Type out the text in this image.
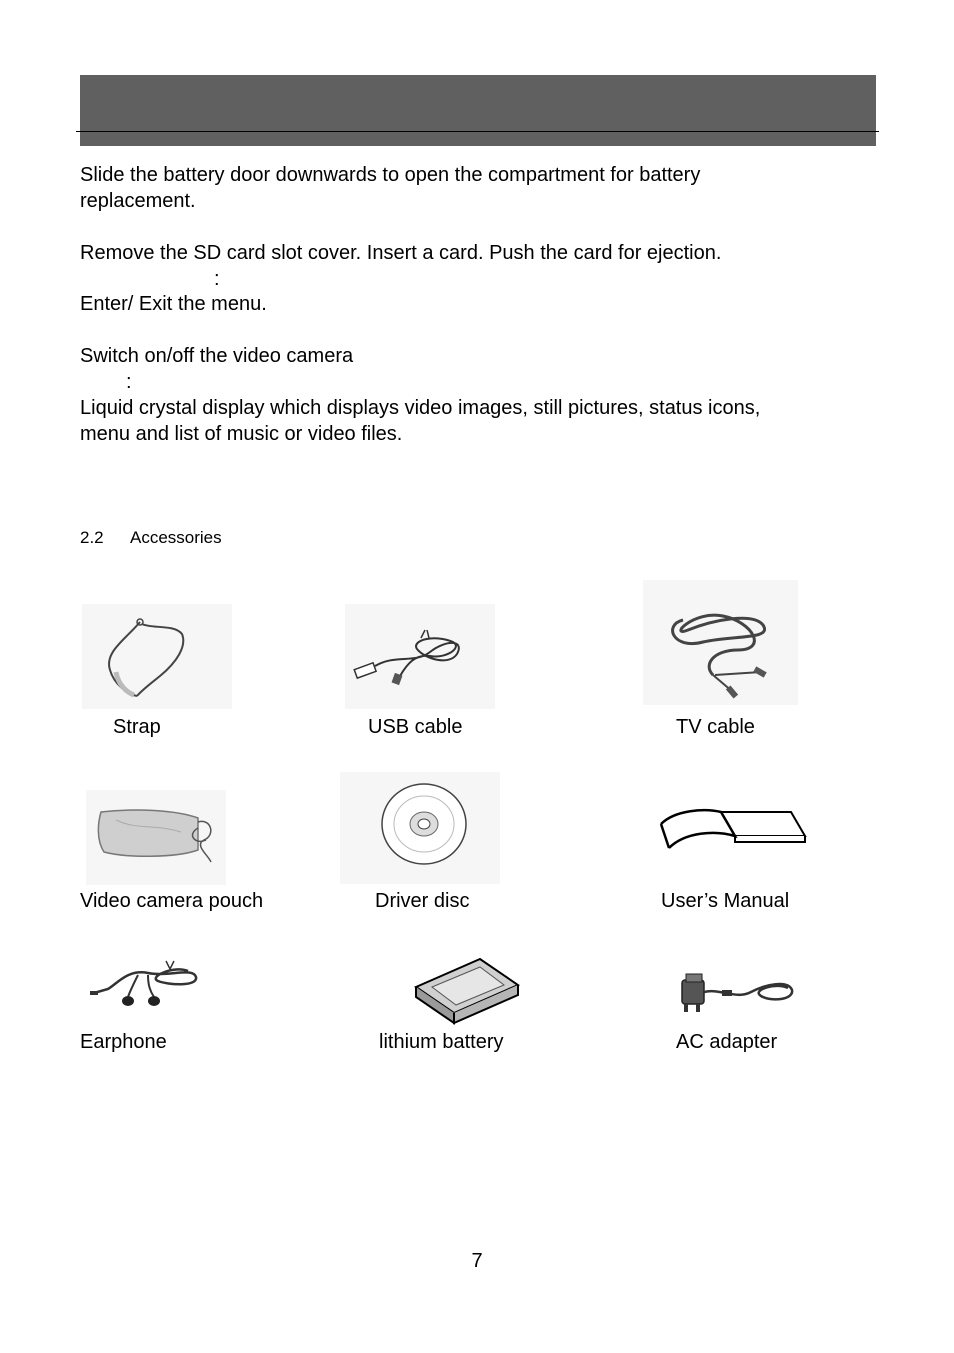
Slide the battery door downwards to open the compartment for battery

replacement.

Remove the SD card slot cover. Insert a card. Push the card for ejection.

:

Enter/ Exit the menu.

Switch on/off the video camera

:

Liquid crystal display which displays video images, still pictures, status icons,

menu and list of music or video files.

2.2 Accessories
Strap	USB cable	TV cable
Video camera pouch	Driver disc	User’s Manual
Earphone	lithium battery	AC adapter
7
